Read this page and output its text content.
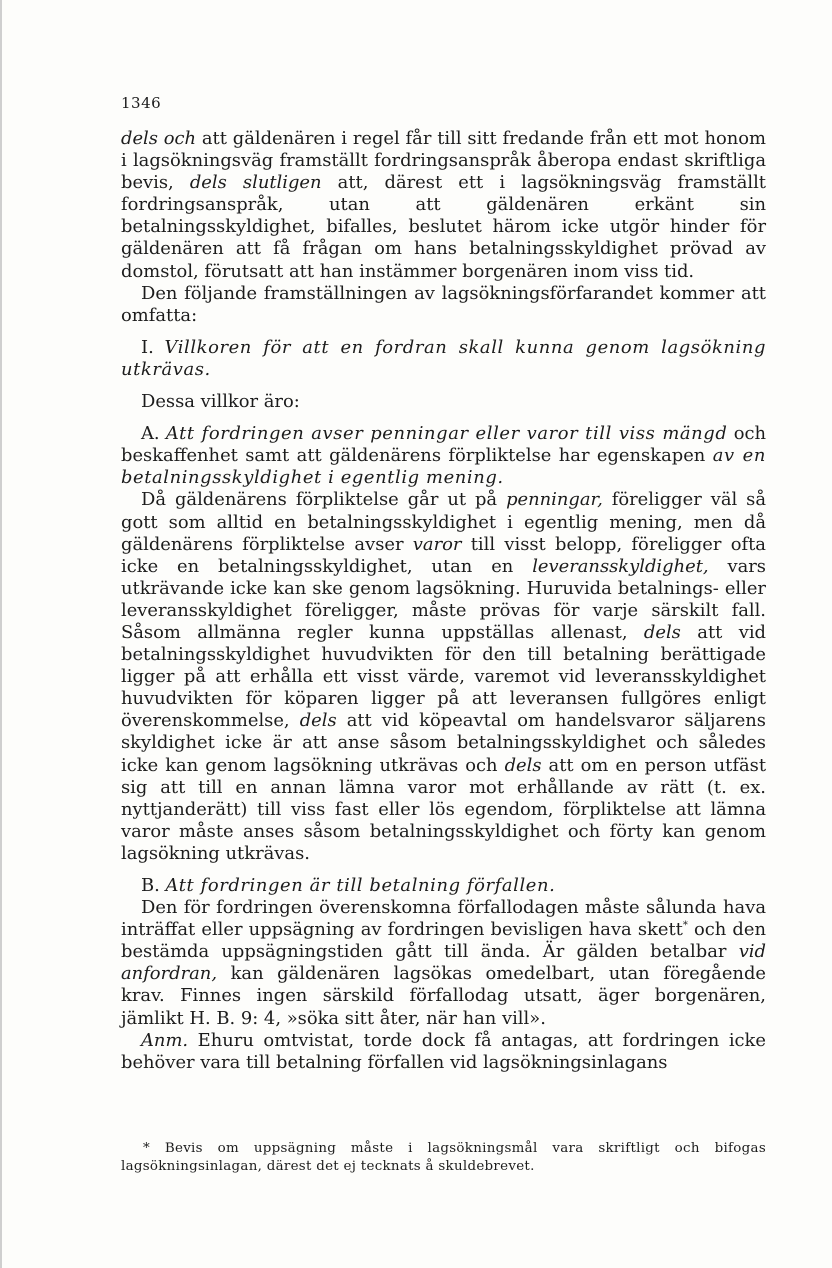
1346

dels och att gäldenären i regel får till sitt fredande från ett mot honom i lagsökningsväg framställt fordringsanspråk åberopa endast skriftliga bevis, dels slutligen att, därest ett i lagsökningsväg framställt fordringsanspråk, utan att gäldenären erkänt sin betalningsskyldighet, bifalles, beslutet härom icke utgör hinder för gäldenären att få frågan om hans betalningsskyldighet prövad av domstol, förutsatt att han instämmer borgenären inom viss tid.

Den följande framställningen av lagsökningsförfarandet kommer att omfatta:

I. Villkoren för att en fordran skall kunna genom lagsökning utkrävas.

Dessa villkor äro:

A. Att fordringen avser penningar eller varor till viss mängd och beskaffenhet samt att gäldenärens förpliktelse har egenskapen av en betalningsskyldighet i egentlig mening.

Då gäldenärens förpliktelse går ut på penningar, föreligger väl så gott som alltid en betalningsskyldighet i egentlig mening, men då gäldenärens förpliktelse avser varor till visst belopp, föreligger ofta icke en betalningsskyldighet, utan en leveransskyldighet, vars utkrävande icke kan ske genom lagsökning. Huruvida betalnings- eller leveransskyldighet föreligger, måste prövas för varje särskilt fall. Såsom allmänna regler kunna uppställas allenast, dels att vid betalningsskyldighet huvudvikten för den till betalning berättigade ligger på att erhålla ett visst värde, varemot vid leveransskyldighet huvudvikten för köparen ligger på att leveransen fullgöres enligt överenskommelse, dels att vid köpeavtal om handelsvaror säljarens skyldighet icke är att anse såsom betalningsskyldighet och således icke kan genom lagsökning utkrävas och dels att om en person utfäst sig att till en annan lämna varor mot erhållande av rätt (t. ex. nyttjanderätt) till viss fast eller lös egendom, förpliktelse att lämna varor måste anses såsom betalningsskyldighet och förty kan genom lagsökning utkrävas.

B. Att fordringen är till betalning förfallen.

Den för fordringen överenskomna förfallodagen måste sålunda hava inträffat eller uppsägning av fordringen bevisligen hava skett* och den bestämda uppsägningstiden gått till ända. Är gälden betalbar vid anfordran, kan gäldenären lagsökas omedelbart, utan föregående krav. Finnes ingen särskild förfallodag utsatt, äger borgenären, jämlikt H. B. 9: 4, »söka sitt åter, när han vill».

Anm. Ehuru omtvistat, torde dock få antagas, att fordringen icke behöver vara till betalning förfallen vid lagsökningsinlagans

* Bevis om uppsägning måste i lagsökningsmål vara skriftligt och bifogas lagsökningsinlagan, därest det ej tecknats å skuldebrevet.
